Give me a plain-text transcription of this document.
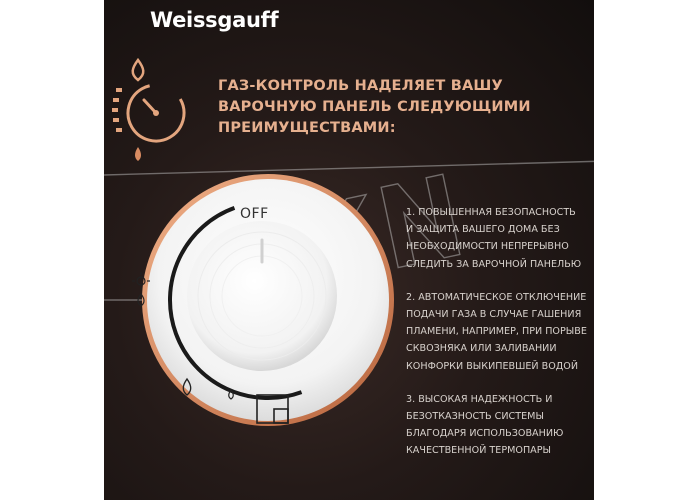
Weissgauff
ГАЗ-КОНТРОЛЬ НАДЕЛЯЕТ ВАШУ
ВАРОЧНУЮ ПАНЕЛЬ СЛЕДУЮЩИМИ
ПРЕИМУЩЕСТВАМИ:
OFF	1. ПОВЫШЕННАЯ БЕЗОПАСНОСТЬ
И ЗАЩИТА ВАШЕГО ДОМА БЕЗ
НЕОБХОДИМОСТИ НЕПРЕРЫВНО
СЛЕДИТЬ ЗА ВАРОЧНОЙ ПАНЕЛЬЮ
2. АВТОМАТИЧЕСКОЕ ОТКЛЮЧЕНИЕ
ПОДАЧИ ГАЗА В СЛУЧАЕ ГАШЕНИЯ
ПЛАМЕНИ, НАПРИМЕР, ПРИ ПОРЫВЕ
СКВОЗНЯКА ИЛИ ЗАЛИВАНИИ
КОНФОРКИ ВЫКИПЕВШЕЙ ВОДОЙ
3. ВЫСОКАЯ НАДЕЖНОСТЬ И
БЕЗОТКАЗНОСТЬ СИСТЕМЫ
БЛАГОДАРЯ ИСПОЛЬЗОВАНИЮ
КАЧЕСТВЕННОЙ ТЕРМОПАРЫ
